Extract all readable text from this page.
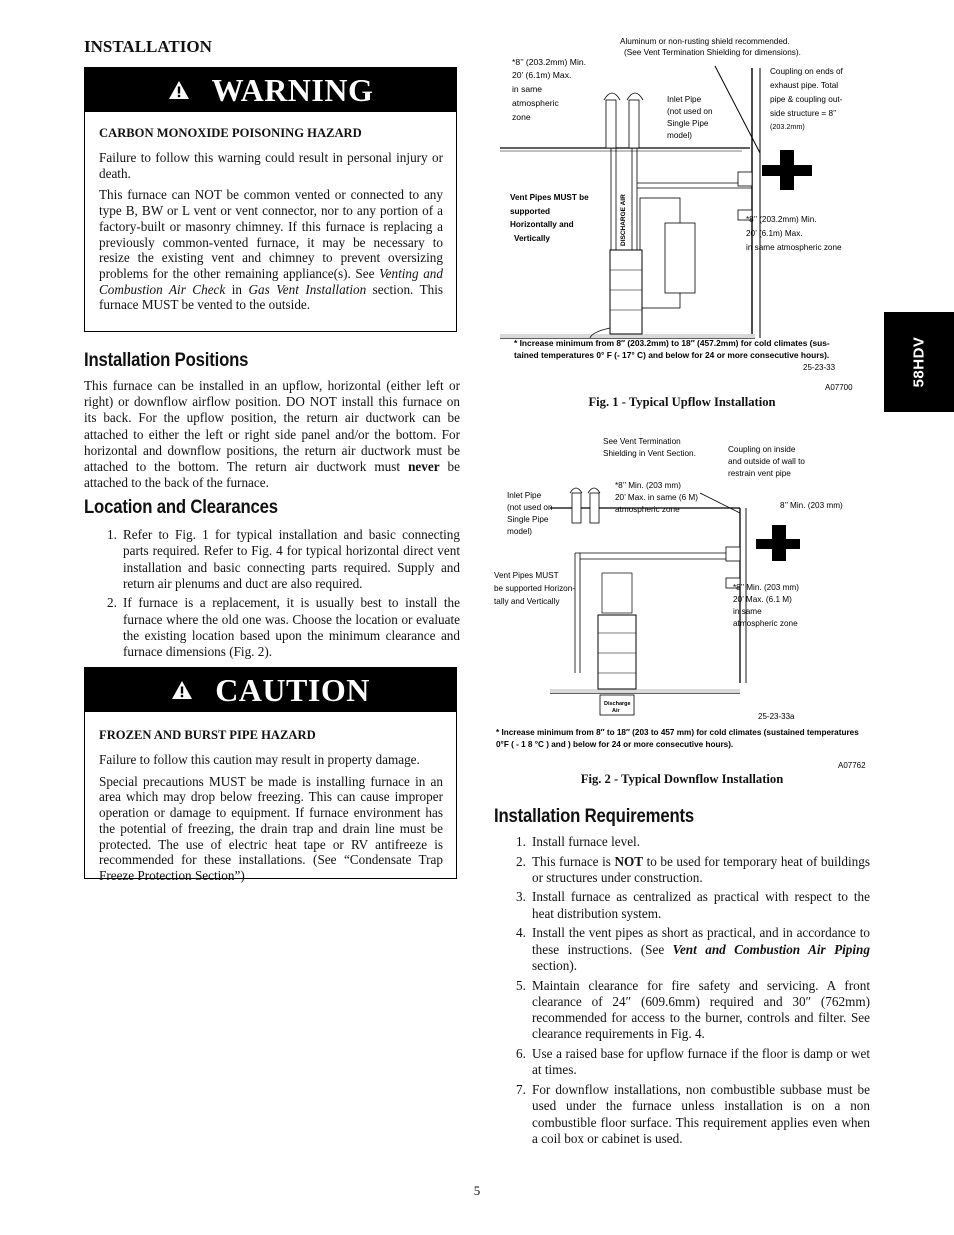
INSTALLATION
58HDV
WARNING
CARBON MONOXIDE POISONING HAZARD

Failure to follow this warning could result in personal injury or death.

This furnace can NOT be common vented or connected to any type B, BW or L vent or vent connector, nor to any portion of a factory‑built or masonry chimney. If this furnace is replacing a previously common‑vented furnace, it may be necessary to resize the existing vent and chimney to prevent oversizing problems for the other remaining appliance(s). See Venting and Combustion Air Check in Gas Vent Installation section. This furnace MUST be vented to the outside.

Installation Positions
This furnace can be installed in an upflow, horizontal (either left or right) or downflow airflow position. DO NOT install this furnace on its back. For the upflow position, the return air ductwork can be attached to either the left or right side panel and/or the bottom. For horizontal and downflow positions, the return air ductwork must be attached to the bottom. The return air ductwork must never be attached to the back of the furnace.
Location and Clearances
1. Refer to Fig. 1 for typical installation and basic connecting parts required. Refer to Fig. 4 for typical horizontal direct vent installation and basic connecting parts required. Supply and return air plenums and duct are also required.
2. If furnace is a replacement, it is usually best to install the furnace where the old one was. Choose the location or evaluate the existing location based upon the minimum clearance and furnace dimensions (Fig. 2).
CAUTION
FROZEN AND BURST PIPE HAZARD

Failure to follow this caution may result in property damage.

Special precautions MUST be made is installing furnace in an area which may drop below freezing. This can cause improper operation or damage to equipment. If furnace environment has the potential of freezing, the drain trap and drain line must be protected. The use of electric heat tape or RV antifreeze is recommended for these installations. (See “Condensate Trap Freeze Protection Section”)

Aluminum or non‑rusting shield recommended.
(See Vent Termination Shielding for dimensions).
*8’’ (203.2mm) Min.
20’ (6.1m) Max.
in same
atmospheric
zone
Inlet Pipe
(not used on
Single Pipe
model)
Coupling on ends of
exhaust pipe. Total
pipe & coupling out-
side structure = 8’’
(203.2mm)
Vent Pipes MUST be
supported
Horizontally and
Vertically	DISCHARGE AIR	*8’’ (203.2mm) Min.
20’ (6.1m) Max.
in same atmospheric zone
* Increase minimum from 8″ (203.2mm) to 18″ (457.2mm) for cold climates (sus-
tained temperatures 0° F (‑ 17° C) and below for 24 or more consecutive hours).
25‑23‑33
A07700
Fig. 1 - Typical Upflow Installation
See Vent Termination
Shielding in Vent Section.	Coupling on inside
and outside of wall to
restrain vent pipe
Inlet Pipe
(not used on
Single Pipe
model)
*8’’ Min. (203 mm)
20’ Max. in same (6 M)
atmospheric zone	8’’ Min. (203 mm)
Vent Pipes MUST
be supported Horizon-
tally and Vertically
*8’’ Min. (203 mm)
20’ Max. (6.1 M)
in same
atmospheric zone
Discharge
Air
25‑23‑33a
* Increase minimum from 8″ to 18″ (203 to 457 mm) for cold climates (sustained temperatures
0°F ( ‑ 1 8 °C ) and ) below for 24 or more consecutive hours).
A07762
Fig. 2 - Typical Downflow Installation
Installation Requirements
1. Install furnace level.
2. This furnace is NOT to be used for temporary heat of buildings or structures under construction.
3. Install furnace as centralized as practical with respect to the heat distribution system.
4. Install the vent pipes as short as practical, and in accordance to these instructions. (See Vent and Combustion Air Piping section).
5. Maintain clearance for fire safety and servicing. A front clearance of 24″ (609.6mm) required and 30″ (762mm) recommended for access to the burner, controls and filter. See clearance requirements in Fig. 4.
6. Use a raised base for upflow furnace if the floor is damp or wet at times.
7. For downflow installations, non combustible subbase must be used under the furnace unless installation is on a non combustible floor surface. This requirement applies even when a coil box or cabinet is used.
5
